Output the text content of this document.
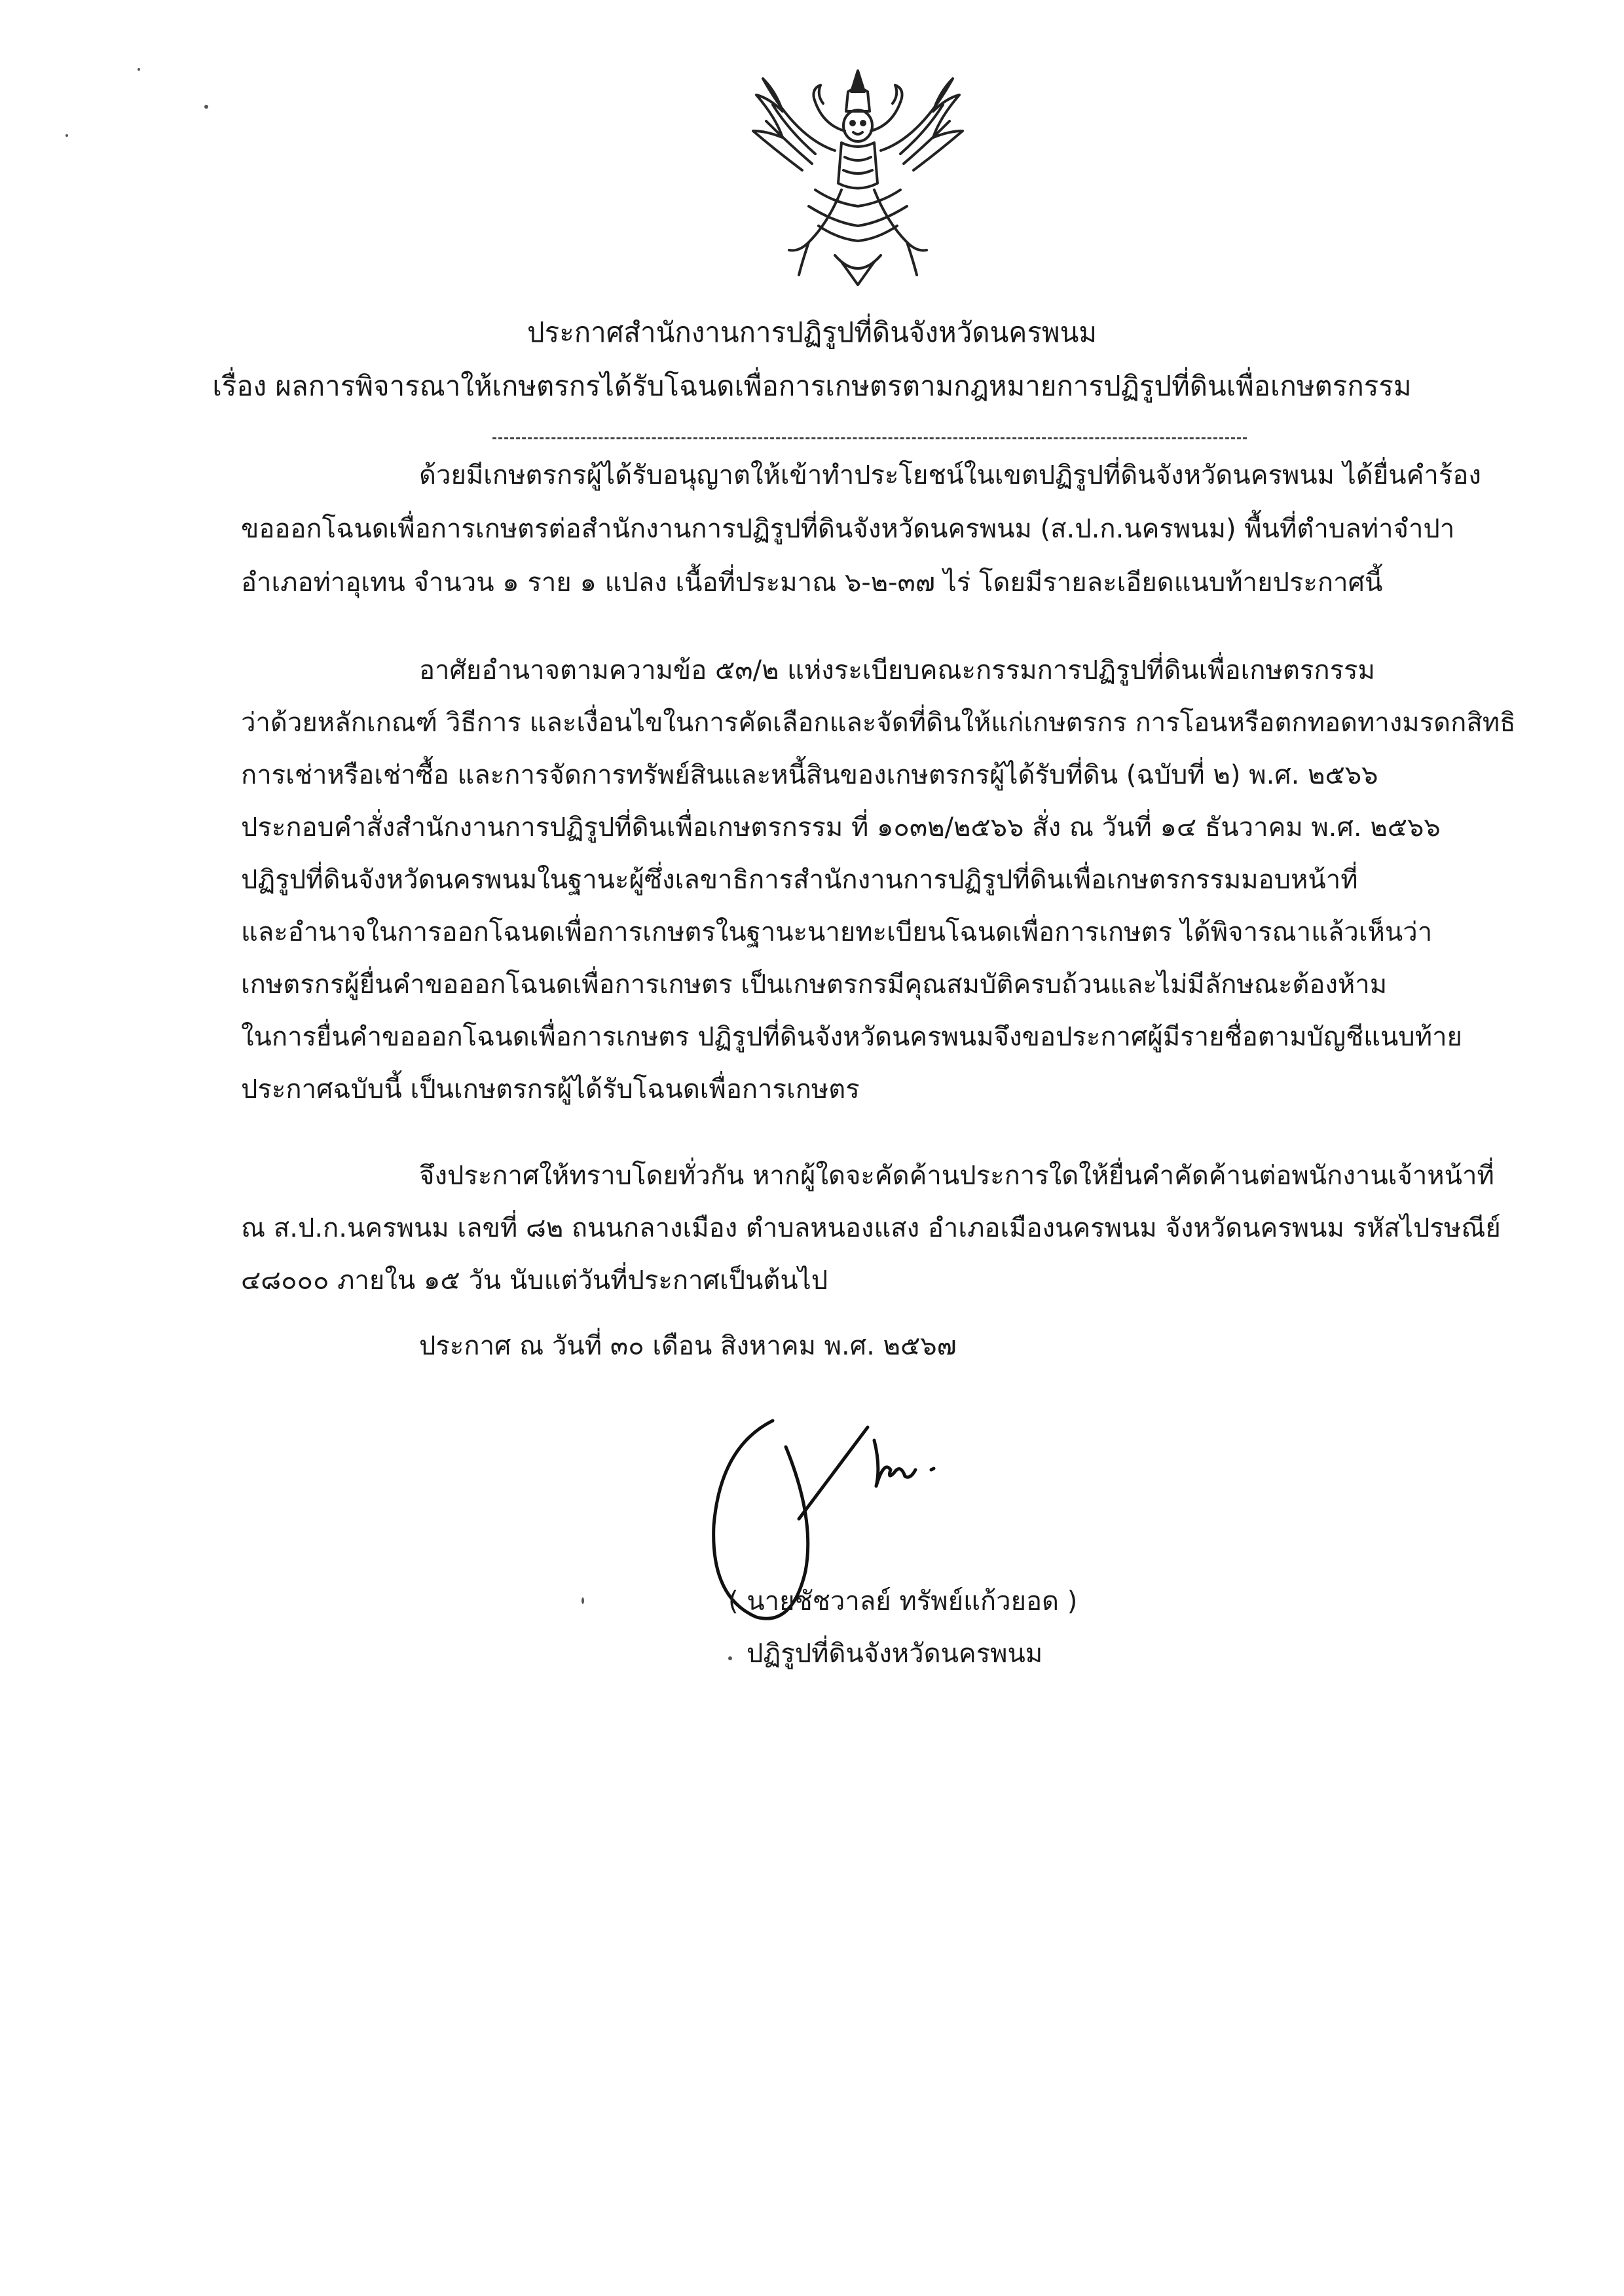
ประกาศสำนักงานการปฏิรูปที่ดินจังหวัดนครพนม
เรื่อง ผลการพิจารณาให้เกษตรกรได้รับโฉนดเพื่อการเกษตรตามกฎหมายการปฏิรูปที่ดินเพื่อเกษตรกรรม
ด้วยมีเกษตรกรผู้ได้รับอนุญาตให้เข้าทำประโยชน์ในเขตปฏิรูปที่ดินจังหวัดนครพนม ได้ยื่นคำร้อง
ขอออกโฉนดเพื่อการเกษตรต่อสำนักงานการปฏิรูปที่ดินจังหวัดนครพนม (ส.ป.ก.นครพนม) พื้นที่ตำบลท่าจำปา
อำเภอท่าอุเทน จำนวน ๑ ราย ๑ แปลง เนื้อที่ประมาณ ๖-๒-๓๗ ไร่ โดยมีรายละเอียดแนบท้ายประกาศนี้
อาศัยอำนาจตามความข้อ ๕๓/๒ แห่งระเบียบคณะกรรมการปฏิรูปที่ดินเพื่อเกษตรกรรม
ว่าด้วยหลักเกณฑ์ วิธีการ และเงื่อนไขในการคัดเลือกและจัดที่ดินให้แก่เกษตรกร การโอนหรือตกทอดทางมรดกสิทธิ
การเช่าหรือเช่าซื้อ และการจัดการทรัพย์สินและหนี้สินของเกษตรกรผู้ได้รับที่ดิน (ฉบับที่ ๒) พ.ศ. ๒๕๖๖
ประกอบคำสั่งสำนักงานการปฏิรูปที่ดินเพื่อเกษตรกรรม ที่ ๑๐๓๒/๒๕๖๖ สั่ง ณ วันที่ ๑๔ ธันวาคม พ.ศ. ๒๕๖๖
ปฏิรูปที่ดินจังหวัดนครพนมในฐานะผู้ซึ่งเลขาธิการสำนักงานการปฏิรูปที่ดินเพื่อเกษตรกรรมมอบหน้าที่
และอำนาจในการออกโฉนดเพื่อการเกษตรในฐานะนายทะเบียนโฉนดเพื่อการเกษตร ได้พิจารณาแล้วเห็นว่า
เกษตรกรผู้ยื่นคำขอออกโฉนดเพื่อการเกษตร เป็นเกษตรกรมีคุณสมบัติครบถ้วนและไม่มีลักษณะต้องห้าม
ในการยื่นคำขอออกโฉนดเพื่อการเกษตร ปฏิรูปที่ดินจังหวัดนครพนมจึงขอประกาศผู้มีรายชื่อตามบัญชีแนบท้าย
ประกาศฉบับนี้ เป็นเกษตรกรผู้ได้รับโฉนดเพื่อการเกษตร
จึงประกาศให้ทราบโดยทั่วกัน หากผู้ใดจะคัดค้านประการใดให้ยื่นคำคัดค้านต่อพนักงานเจ้าหน้าที่
ณ ส.ป.ก.นครพนม เลขที่ ๘๒ ถนนกลางเมือง ตำบลหนองแสง อำเภอเมืองนครพนม จังหวัดนครพนม รหัสไปรษณีย์
๔๘๐๐๐ ภายใน ๑๕ วัน นับแต่วันที่ประกาศเป็นต้นไป
ประกาศ ณ วันที่ ๓๐ เดือน สิงหาคม พ.ศ. ๒๕๖๗
( นายชัชวาลย์ ทรัพย์แก้วยอด )
ปฏิรูปที่ดินจังหวัดนครพนม
